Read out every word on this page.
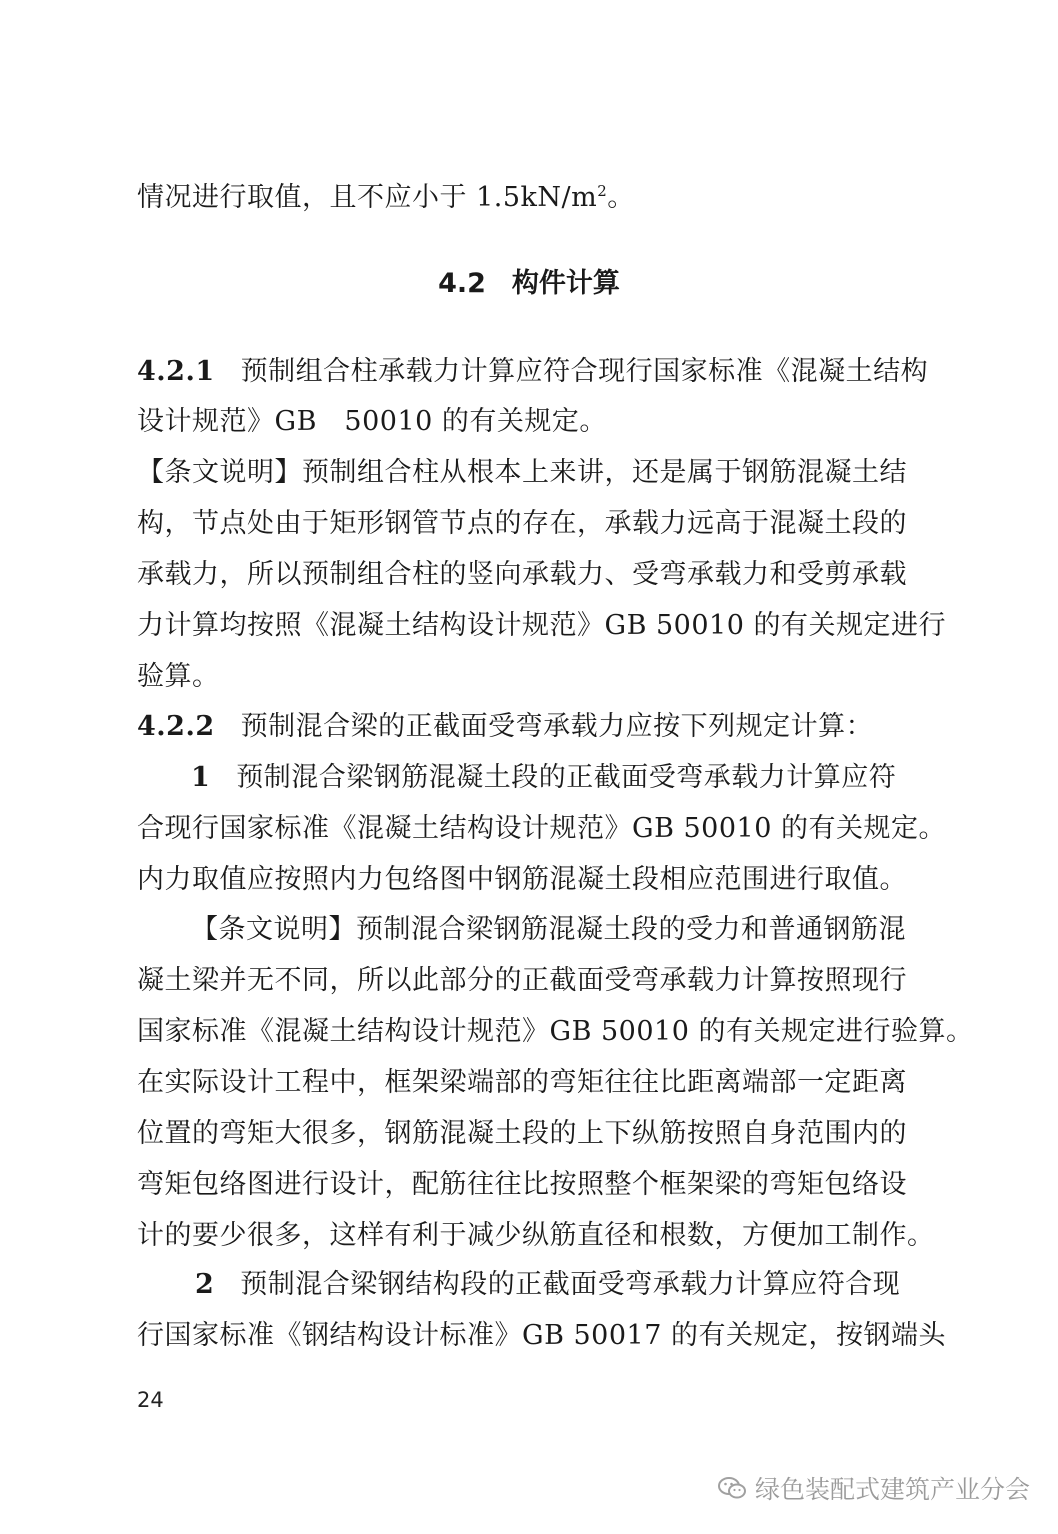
情况进行取值，且不应小于 $1.5kN/m^2$。
4.2 构件计算
4.2.1 预制组合柱承载力计算应符合现行国家标准《混凝土结构
设计规范》GB　50010 的有关规定。
【条文说明】预制组合柱从根本上来讲，还是属于钢筋混凝土结
构，节点处由于矩形钢管节点的存在，承载力远高于混凝土段的
承载力，所以预制组合柱的竖向承载力、受弯承载力和受剪承载
力计算均按照《混凝土结构设计规范》GB 50010 的有关规定进行
验算。
4.2.2 预制混合梁的正截面受弯承载力应按下列规定计算：
1 预制混合梁钢筋混凝土段的正截面受弯承载力计算应符
合现行国家标准《混凝土结构设计规范》GB 50010 的有关规定。
内力取值应按照内力包络图中钢筋混凝土段相应范围进行取值。
【条文说明】预制混合梁钢筋混凝土段的受力和普通钢筋混
凝土梁并无不同，所以此部分的正截面受弯承载力计算按照现行
国家标准《混凝土结构设计规范》GB 50010 的有关规定进行验算。
在实际设计工程中，框架梁端部的弯矩往往比距离端部一定距离
位置的弯矩大很多，钢筋混凝土段的上下纵筋按照自身范围内的
弯矩包络图进行设计，配筋往往比按照整个框架梁的弯矩包络设
计的要少很多，这样有利于减少纵筋直径和根数，方便加工制作。
2 预制混合梁钢结构段的正截面受弯承载力计算应符合现
行国家标准《钢结构设计标准》GB 50017 的有关规定，按钢端头
24
绿色装配式建筑产业分会
